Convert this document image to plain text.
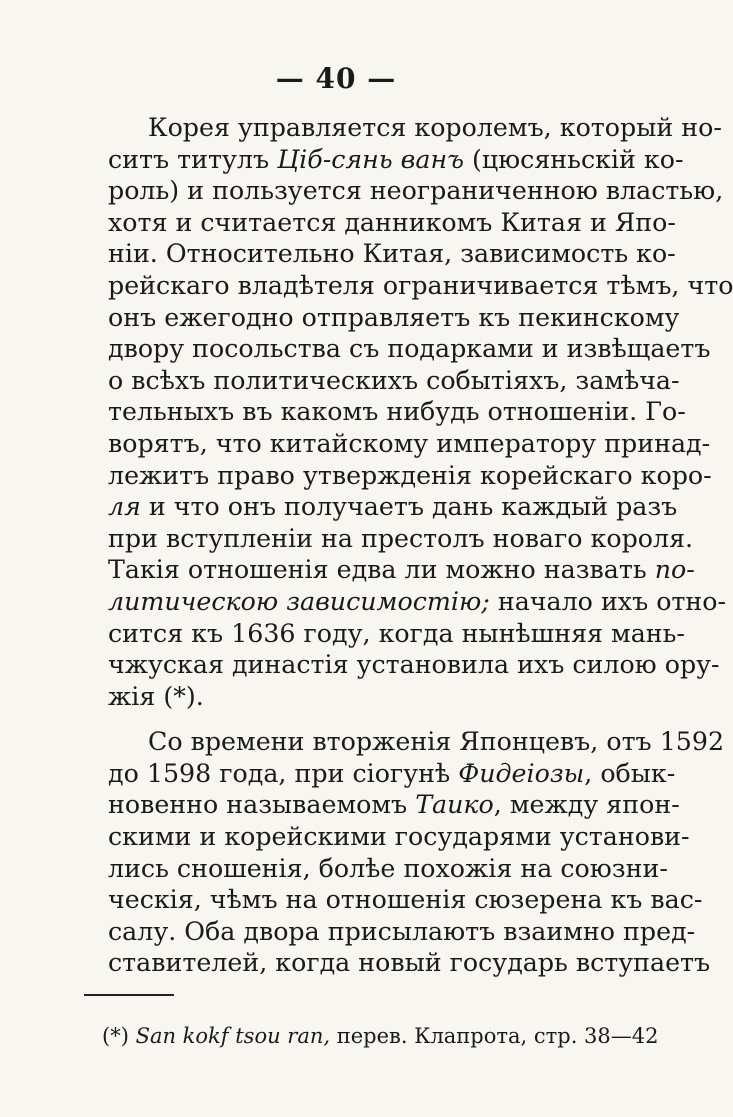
— 40 —
Корея управляется королемъ, который но-
ситъ титулъ Ціб-сянь ванъ (цюсяньскій ко-
роль) и пользуется неограниченною властью,
хотя и считается данникомъ Китая и Япо-
ніи. Относительно Китая, зависимость ко-
рейскаго владѣтеля ограничивается тѣмъ, что
онъ ежегодно отправляетъ къ пекинскому
двору посольства съ подарками и извѣщаетъ
о всѣхъ политическихъ событіяхъ, замѣча-
тельныхъ въ какомъ нибудь отношеніи. Го-
ворятъ, что китайскому императору принад-
лежитъ право утвержденія корейскаго коро-
ля и что онъ получаетъ дань каждый разъ
при вступленіи на престолъ новаго короля.
Такія отношенія едва ли можно назвать по-
литическою зависимостію; начало ихъ отно-
сится къ 1636 году, когда нынѣшняя мань-
чжуская династія установила ихъ силою ору-
жія (*).
Со времени вторженія Японцевъ, отъ 1592
до 1598 года, при сіогунѣ Фидеіозы, обык-
новенно называемомъ Таико, между япон-
скими и корейскими государями установи-
лись сношенія, болѣе похожія на союзни-
ческія, чѣмъ на отношенія сюзерена къ вас-
салу. Оба двора присылаютъ взаимно пред-
ставителей, когда новый государь вступаетъ
(*) San kokf tsou ran, перев. Клапрота, стр. 38—42
